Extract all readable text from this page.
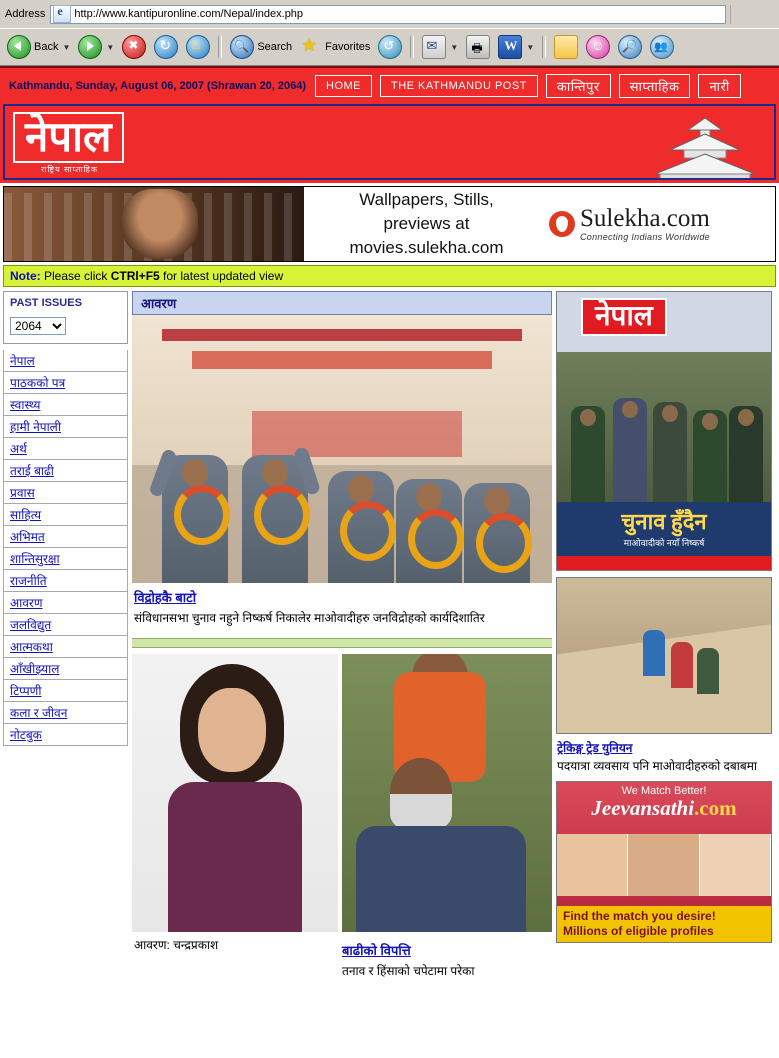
Address e	http://www.kantipuronline.com/Nepal/index.php
Back ▼	▼ ✖ ↻ ⌂ 🔍	Search ★	Favorites ↺ ✉	▼ 🖶 W	▼
☺
🔎
👥
Kathmandu, Sunday, August 06, 2007 (Shrawan 20, 2064)	HOME	THE KATHMANDU POST	कान्तिपुर	साप्ताहिक	नारी
नेपाल
राष्ट्रिय साप्ताहिक
Wallpapers, Stills,
previews at
movies.sulekha.com
Sulekha.com
Connecting Indians Worldwide
Note: Please click CTRl+F5 for latest updated view
PAST ISSUES
2064
नेपाल
पाठकको पत्र
स्वास्थ्य
हामी नेपाली
अर्थ
तराई बाढी
प्रवास
साहित्य
अभिमत
शान्तिसुरक्षा
राजनीति
आवरण
जलविद्युत
आत्मकथा
आँखीझ्याल
टिप्पणी
कला र जीवन
नोटबुक
आवरण
विद्रोहकै बाटो
संविधानसभा चुनाव नहुने निष्कर्ष निकालेर माओवादीहरु जनविद्रोहको कार्यदिशातिर
आवरण: चन्द्रप्रकाश	बाढीको विपत्ति
तनाव र हिंसाको चपेटामा परेका
नेपाल
चुनाव हुँदैन
माओवादीको नयाँ निष्कर्ष
ट्रेकिङ्ग ट्रेड युनियन
पदयात्रा व्यवसाय पनि माओवादीहरुको दबाबमा
We Match Better!
Jeevansathi.com
Find the match you desire!
Millions of eligible profiles
